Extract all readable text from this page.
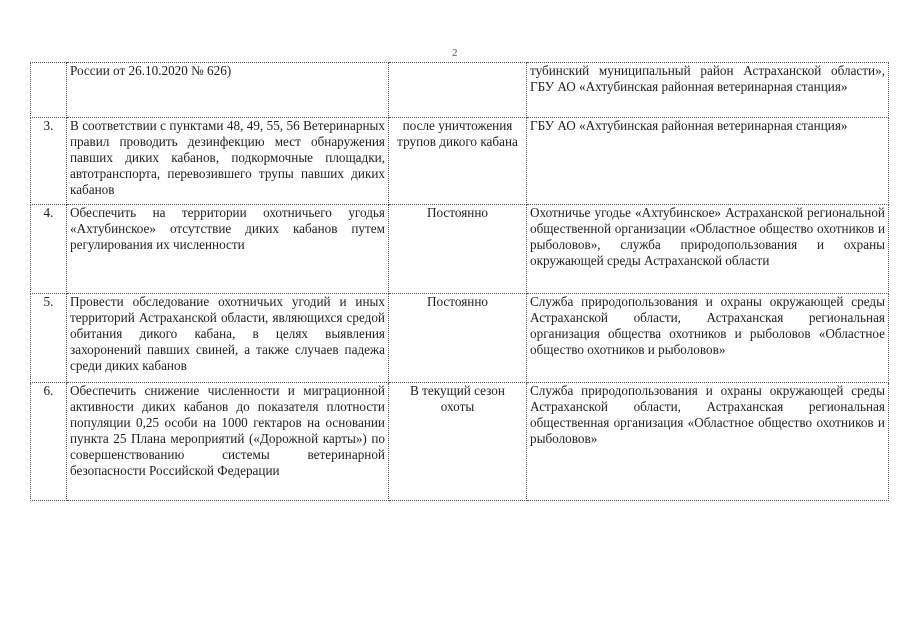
2
	России от 26.10.2020 № 626)		тубинский муниципальный район Астраханской области», ГБУ АО «Ахтубинская районная ветеринарная станция»
3.	В соответствии с пунктами 48, 49, 55, 56 Ветеринарных правил проводить дезинфекцию мест обнаружения павших диких кабанов, подкормочные площадки, автотранспорта, перевозившего трупы павших диких кабанов	после уничтожения трупов дикого кабана	ГБУ АО «Ахтубинская районная ветеринарная станция»
4.	Обеспечить на территории охотничьего угодья «Ахтубинское» отсутствие диких кабанов путем регулирования их численности	Постоянно	Охотничье угодье «Ахтубинское» Астраханской региональной общественной организации «Областное общество охотников и рыболовов», служба природопользования и охраны окружающей среды Астраханской области
5.	Провести обследование охотничьих угодий и иных территорий Астраханской области, являющихся средой обитания дикого кабана, в целях выявления захоронений павших свиней, а также случаев падежа среди диких кабанов	Постоянно	Служба природопользования и охраны окружающей среды Астраханской области, Астраханская региональная организация общества охотников и рыболовов «Областное общество охотников и рыболовов»
6.	Обеспечить снижение численности и миграционной активности диких кабанов до показателя плотности популяции 0,25 особи на 1000 гектаров на основании пункта 25 Плана мероприятий («Дорожной карты») по совершенствованию системы ветеринарной безопасности Российской Федерации	В текущий сезон охоты	Служба природопользования и охраны окружающей среды Астраханской области, Астраханская региональная общественная организация «Областное общество охотников и рыболовов»
